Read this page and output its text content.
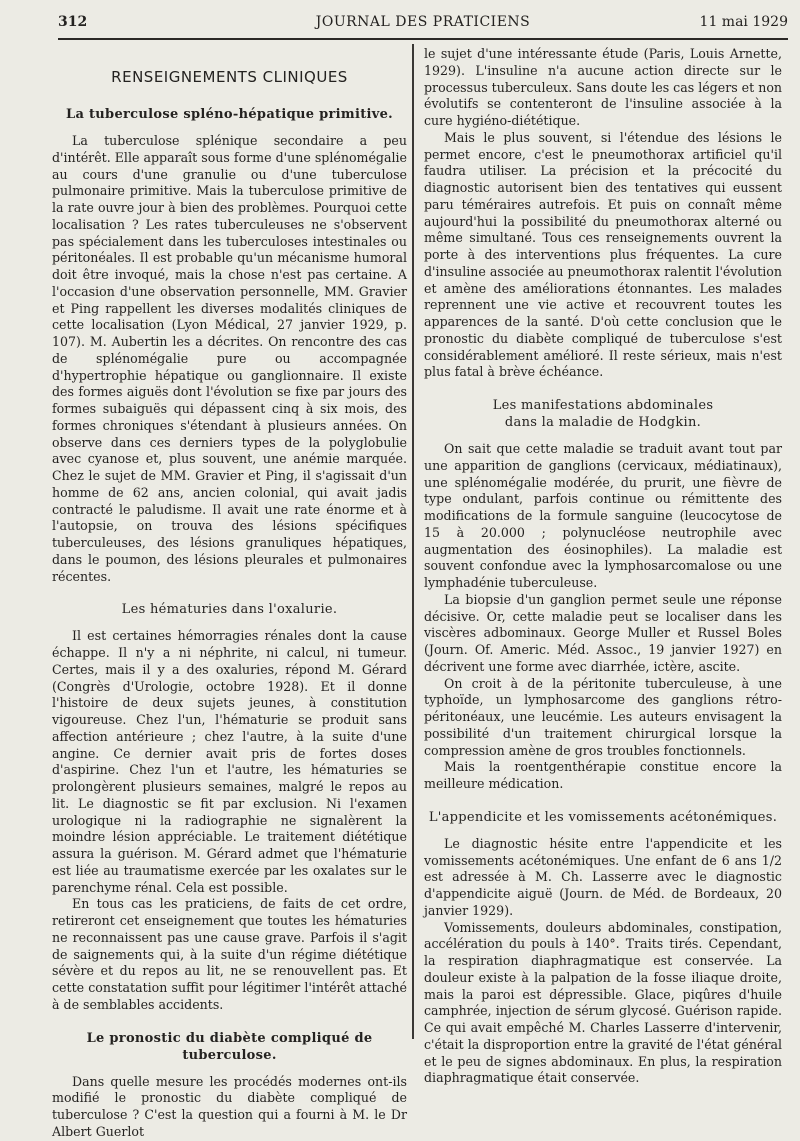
312	JOURNAL DES PRATICIENS	11 mai 1929
RENSEIGNEMENTS CLINIQUES
La tuberculose spléno-hépatique primitive.

La tuberculose splénique secondaire a peu d'intérêt. Elle apparaît sous forme d'une splénomégalie au cours d'une granulie ou d'une tuberculose pulmonaire primitive. Mais la tuberculose primitive de la rate ouvre jour à bien des problèmes. Pourquoi cette localisation ? Les rates tuberculeuses ne s'observent pas spécialement dans les tuberculoses intestinales ou péritonéales. Il est probable qu'un mécanisme humoral doit être invoqué, mais la chose n'est pas certaine. A l'occasion d'une observation personnelle, MM. Gravier et Ping rappellent les diverses modalités cliniques de cette localisation (Lyon Médical, 27 janvier 1929, p. 107). M. Aubertin les a décrites. On rencontre des cas de splénomégalie pure ou accompagnée d'hypertrophie hépatique ou ganglionnaire. Il existe des formes aiguës dont l'évolution se fixe par jours des formes subaiguës qui dépassent cinq à six mois, des formes chroniques s'étendant à plusieurs années. On observe dans ces derniers types de la polyglobulie avec cyanose et, plus souvent, une anémie marquée. Chez le sujet de MM. Gravier et Ping, il s'agissait d'un homme de 62 ans, ancien colonial, qui avait jadis contracté le paludisme. Il avait une rate énorme et à l'autopsie, on trouva des lésions spécifiques tuberculeuses, des lésions granuliques hépatiques, dans le poumon, des lésions pleurales et pulmonaires récentes.

Les hématuries dans l'oxalurie.

Il est certaines hémorragies rénales dont la cause échappe. Il n'y a ni néphrite, ni calcul, ni tumeur. Certes, mais il y a des oxaluries, répond M. Gérard (Congrès d'Urologie, octobre 1928). Et il donne l'histoire de deux sujets jeunes, à constitution vigoureuse. Chez l'un, l'hématurie se produit sans affection antérieure ; chez l'autre, à la suite d'une angine. Ce dernier avait pris de fortes doses d'aspirine. Chez l'un et l'autre, les hématuries se prolongèrent plusieurs semaines, malgré le repos au lit. Le diagnostic se fit par exclusion. Ni l'examen urologique ni la radiographie ne signalèrent la moindre lésion appréciable. Le traitement diététique assura la guérison. M. Gérard admet que l'hématurie est liée au traumatisme exercée par les oxalates sur le parenchyme rénal. Cela est possible.

En tous cas les praticiens, de faits de cet ordre, retireront cet enseignement que toutes les hématuries ne reconnaissent pas une cause grave. Parfois il s'agit de saignements qui, à la suite d'un régime diététique sévère et du repos au lit, ne se renouvellent pas. Et cette constatation suffit pour légitimer l'intérêt attaché à de semblables accidents.

Le pronostic du diabète compliqué de tuberculose.

Dans quelle mesure les procédés modernes ont-ils modifié le pronostic du diabète compliqué de tuberculose ? C'est la question qui a fourni à M. le Dr Albert Guerlot

le sujet d'une intéressante étude (Paris, Louis Arnette, 1929). L'insuline n'a aucune action directe sur le processus tuberculeux. Sans doute les cas légers et non évolutifs se contenteront de l'insuline associée à la cure hygiéno-diététique.

Mais le plus souvent, si l'étendue des lésions le permet encore, c'est le pneumothorax artificiel qu'il faudra utiliser. La précision et la précocité du diagnostic autorisent bien des tentatives qui eussent paru téméraires autrefois. Et puis on connaît même aujourd'hui la possibilité du pneumothorax alterné ou même simultané. Tous ces renseignements ouvrent la porte à des interventions plus fréquentes. La cure d'insuline associée au pneumothorax ralentit l'évolution et amène des améliorations étonnantes. Les malades reprennent une vie active et recouvrent toutes les apparences de la santé. D'où cette conclusion que le pronostic du diabète compliqué de tuberculose s'est considérablement amélioré. Il reste sérieux, mais n'est plus fatal à brève échéance.

Les manifestations abdominales
dans la maladie de Hodgkin.

On sait que cette maladie se traduit avant tout par une apparition de ganglions (cervicaux, médiatinaux), une splénomégalie modérée, du prurit, une fièvre de type ondulant, parfois continue ou rémittente des modifications de la formule sanguine (leucocytose de 15 à 20.000 ; polynucléose neutrophile avec augmentation des éosinophiles). La maladie est souvent confondue avec la lymphosarcomalose ou une lymphadénie tuberculeuse.

La biopsie d'un ganglion permet seule une réponse décisive. Or, cette maladie peut se localiser dans les viscères adbominaux. George Muller et Russel Boles (Journ. Of. Americ. Méd. Assoc., 19 janvier 1927) en décrivent une forme avec diarrhée, ictère, ascite.

On croit à de la péritonite tuberculeuse, à une typhoïde, un lymphosarcome des ganglions rétro-péritonéaux, une leucémie. Les auteurs envisagent la possibilité d'un traitement chirurgical lorsque la compression amène de gros troubles fonctionnels.

Mais la roentgenthérapie constitue encore la meilleure médication.

L'appendicite et les vomissements acétonémiques.

Le diagnostic hésite entre l'appendicite et les vomissements acétonémiques. Une enfant de 6 ans 1/2 est adressée à M. Ch. Lasserre avec le diagnostic d'appendicite aiguë (Journ. de Méd. de Bordeaux, 20 janvier 1929).

Vomissements, douleurs abdominales, constipation, accélération du pouls à 140°. Traits tirés. Cependant, la respiration diaphragmatique est conservée. La douleur existe à la palpation de la fosse iliaque droite, mais la paroi est dépressible. Glace, piqûres d'huile camphrée, injection de sérum glycosé. Guérison rapide. Ce qui avait empêché M. Charles Lasserre d'intervenir, c'était la disproportion entre la gravité de l'état général et le peu de signes abdominaux. En plus, la respiration diaphragmatique était conservée.
